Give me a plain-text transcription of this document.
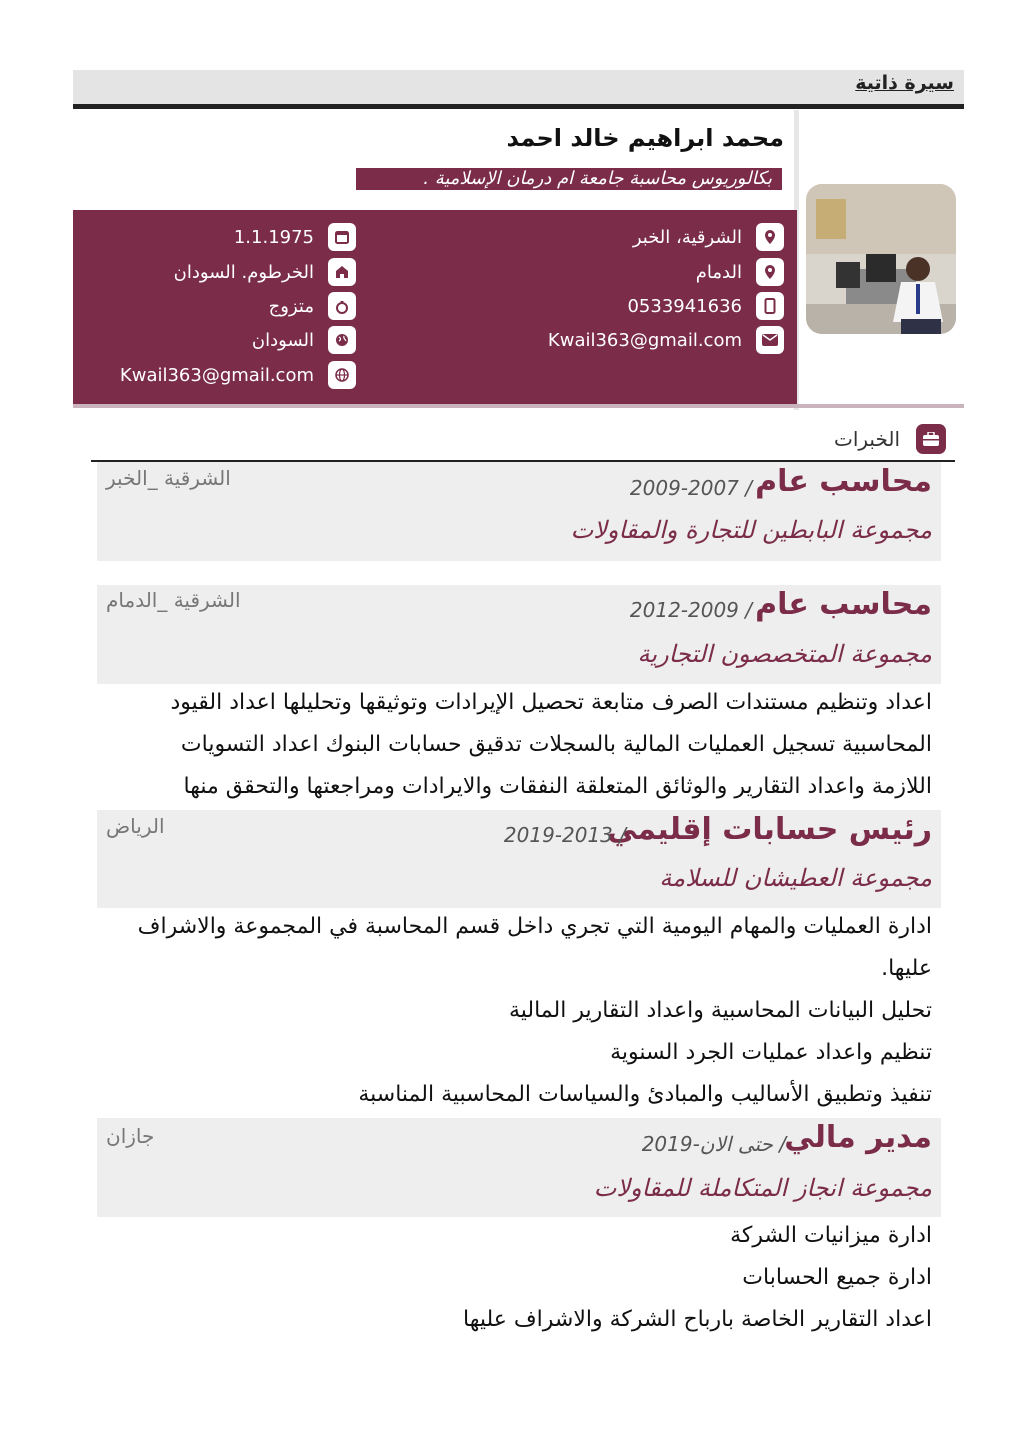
سيرة ذاتية
محمد ابراهيم خالد احمد
بكالوريوس محاسبة جامعة ام درمان الإسلامية .
الشرقية، الخبر
الدمام
0533941636
Kwail363@gmail.com
1.1.1975
الخرطوم. السودان
متزوج
السودان
Kwail363@gmail.com
الخبرات
محاسب عام
2009-2007 /
الشرقية _الخبر
مجموعة البابطين للتجارة والمقاولات
محاسب عام
2012-2009 /
الشرقية _الدمام
مجموعة المتخصصون التجارية
اعداد وتنظيم مستندات الصرف متابعة تحصيل الإيرادات وتوثيقها وتحليلها اعداد القيود
المحاسبية تسجيل العمليات المالية بالسجلات تدقيق حسابات البنوك اعداد التسويات
اللازمة واعداد التقارير والوثائق المتعلقة النفقات والايرادات ومراجعتها والتحقق منها
رئيس حسابات إقليمي
2019-2013 /
الرياض
مجموعة العطيشان للسلامة
ادارة العمليات والمهام اليومية التي تجري داخل قسم المحاسبة في المجموعة والاشراف
عليها.
تحليل البيانات المحاسبية واعداد التقارير المالية
تنظيم واعداد عمليات الجرد السنوية
تنفيذ وتطبيق الأساليب والمبادئ والسياسات المحاسبية المناسبة
مدير مالي
حتى الان-2019 /
جازان
مجموعة انجاز المتكاملة للمقاولات
ادارة ميزانيات الشركة
ادارة جميع الحسابات
اعداد التقارير الخاصة بارباح الشركة والاشراف عليها
